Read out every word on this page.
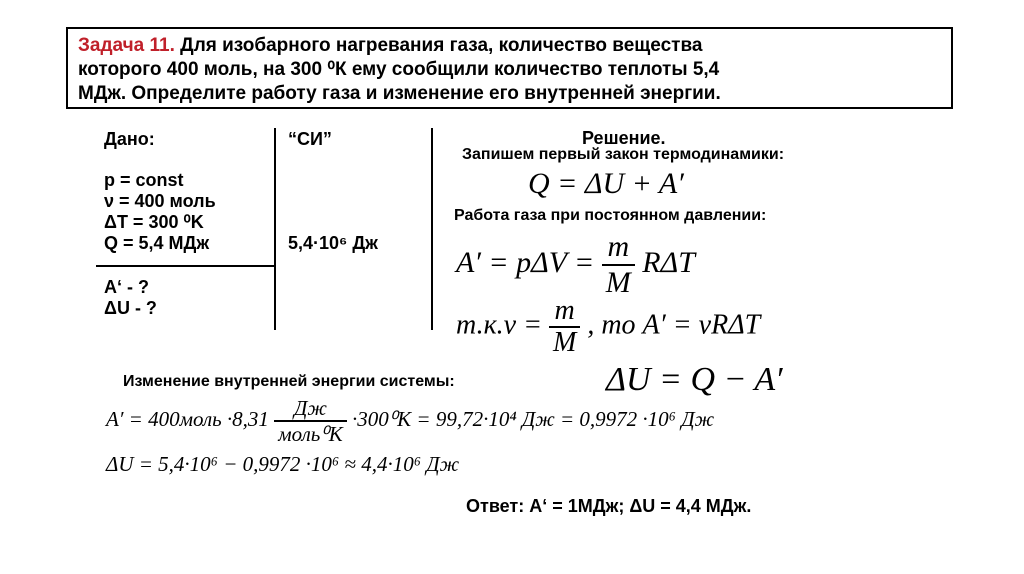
Задача 11. Для изобарного нагревания газа, количество вещества
которого 400 моль, на 300 ⁰К ему сообщили количество теплоты 5,4
МДж. Определите работу газа и изменение его внутренней энергии.
Дано:
p = const
ν = 400 моль
ΔT = 300 ⁰K
Q = 5,4 МДж
A‘ - ?
ΔU - ?
“СИ”
5,4·10⁶ Дж
Решение.
Запишем первый закон термодинамики:
Q = ΔU + A′
Работа газа при постоянном давлении:
$A' = p\Delta V = \frac{m}{M}$ RΔT
$т.к.\nu = \frac{m}{M}$ , то A′ = νRΔT
Изменение внутренней энергии системы:	ΔU = Q − A′
A′ = 400моль $\cdot 8,31 \frac{Дж}{\text{моль⁰K}} \cdot 300^0K = 99,72\cdot 10^4$ Дж = 0,9972 ·10⁶ Дж
ΔU = 5,4·10⁶ − 0,9972 ·10⁶ ≈ 4,4·10⁶ Дж
Ответ: A‘ = 1МДж; ΔU = 4,4 МДж.
